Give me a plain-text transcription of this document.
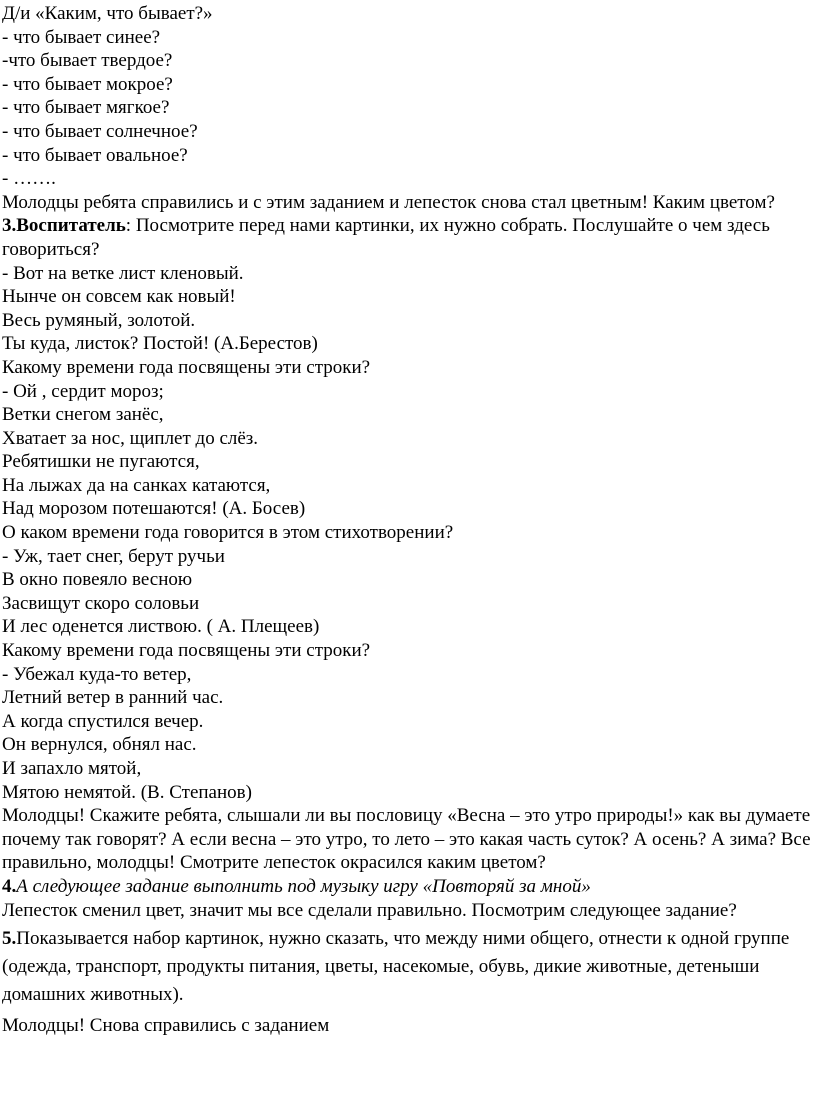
Д/и «Каким, что бывает?»
- что бывает синее?
-что бывает твердое?
- что бывает мокрое?
- что бывает мягкое?
- что бывает солнечное?
- что бывает овальное?
- …….
Молодцы ребята справились и с этим заданием и лепесток снова стал цветным! Каким цветом?
3.Воспитатель: Посмотрите перед нами картинки, их нужно собрать. Послушайте о чем здесь говориться?
- Вот на ветке лист кленовый.
Нынче он совсем как новый!
Весь румяный, золотой.
Ты куда, листок? Постой! (А.Берестов)
Какому времени года посвящены эти строки?
- Ой , сердит мороз;
Ветки снегом занёс,
Хватает за нос, щиплет до слёз.
Ребятишки не пугаются,
На лыжах да на санках катаются,
Над морозом потешаются! (А. Босев)
О каком времени года говорится в этом стихотворении?
- Уж, тает снег, берут ручьи
В окно повеяло весною
Засвищут скоро соловьи
И лес оденется листвою. ( А. Плещеев)
Какому времени года посвящены эти строки?
- Убежал куда-то ветер,
Летний ветер в ранний час.
А когда спустился вечер.
Он вернулся, обнял нас.
И запахло мятой,
Мятою немятой. (В. Степанов)
Молодцы! Скажите ребята, слышали ли вы пословицу «Весна – это утро природы!» как вы думаете почему так говорят? А если весна – это утро, то лето – это какая часть суток? А осень? А зима? Все правильно, молодцы! Смотрите лепесток окрасился каким цветом?
4.А следующее задание выполнить под музыку игру «Повторяй за мной»
Лепесток сменил цвет, значит мы все сделали правильно. Посмотрим следующее задание?
5.Показывается набор картинок, нужно сказать, что между ними общего, отнести к одной группе (одежда, транспорт, продукты питания, цветы, насекомые, обувь, дикие животные, детеныши домашних животных).
Молодцы! Снова справились с заданием
